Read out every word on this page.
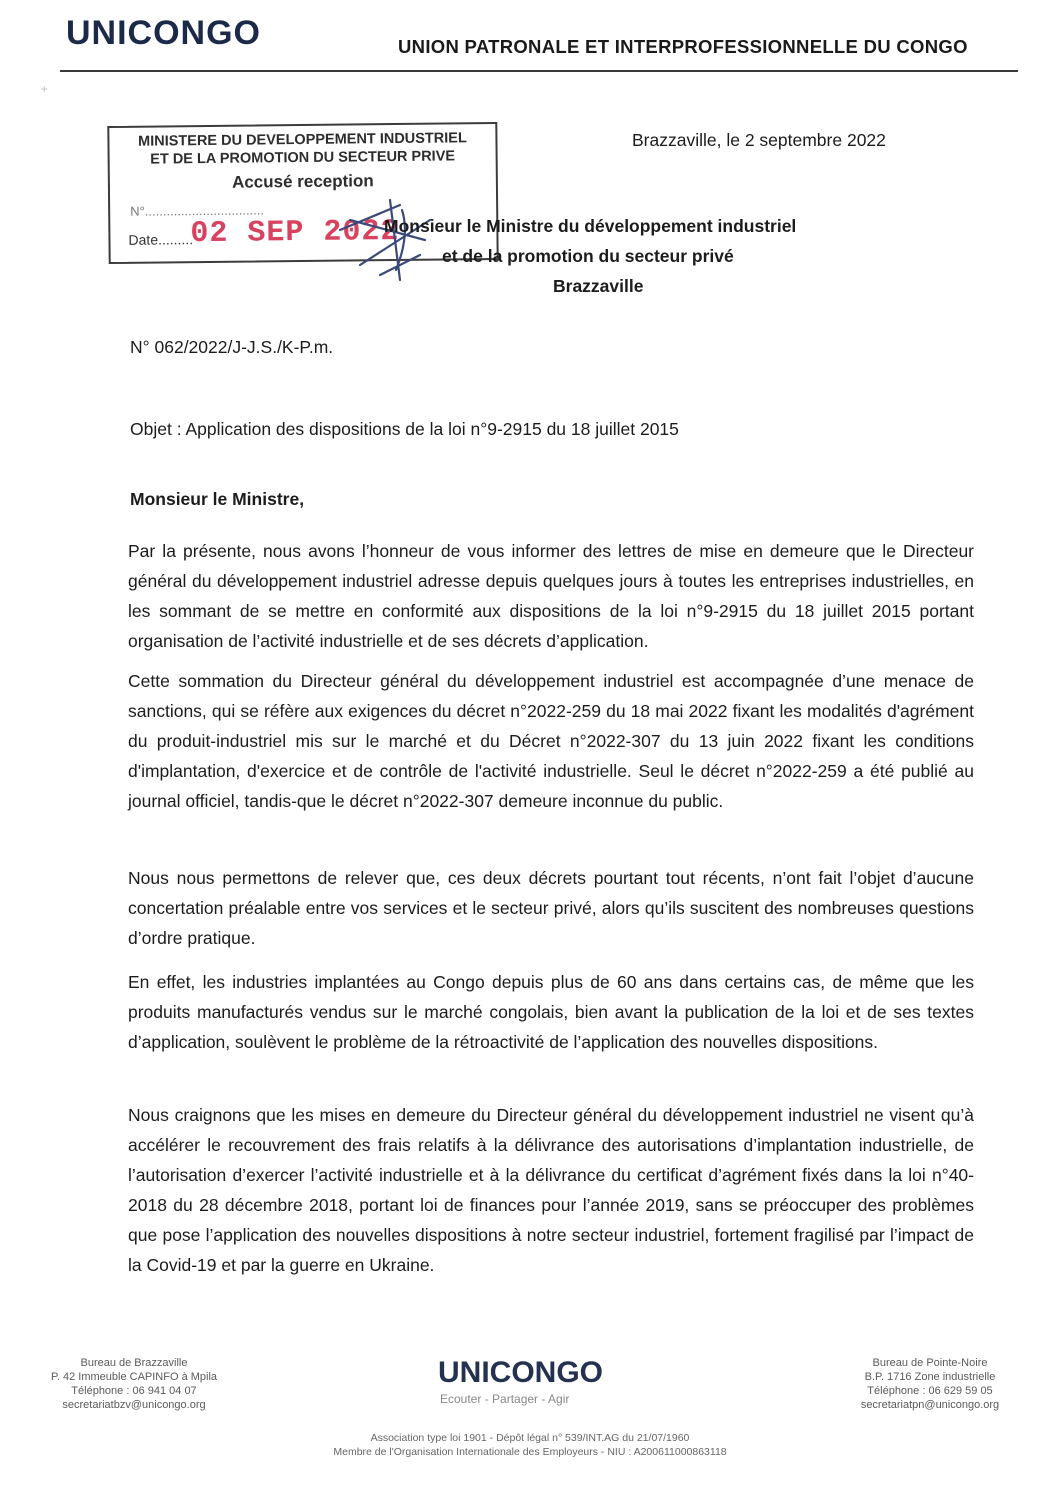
UNICONGO	UNION PATRONALE ET INTERPROFESSIONNELLE DU CONGO
⁺
MINISTERE DU DEVELOPPEMENT INDUSTRIEL
ET DE LA PROMOTION DU SECTEUR PRIVE
Accusé reception
N°.................................
Date.........
02 SEP 2022
Brazzaville, le 2 septembre 2022
Monsieur le Ministre du développement industriel
et de la promotion du secteur privé
Brazzaville
N° 062/2022/J-J.S./K-P.m.
Objet : Application des dispositions de la loi n°9-2915 du 18 juillet 2015
Monsieur le Ministre,
Par la présente, nous avons l’honneur de vous informer des lettres de mise en demeure que le Directeur général du développement industriel adresse depuis quelques jours à toutes les entreprises industrielles, en les sommant de se mettre en conformité aux dispositions de la loi n°9-2915 du 18 juillet 2015 portant organisation de l’activité industrielle et de ses décrets d’application.
Cette sommation du Directeur général du développement industriel est accompagnée d’une menace de sanctions, qui se réfère aux exigences du décret n°2022-259 du 18 mai 2022 fixant les modalités d'agrément du produit-industriel mis sur le marché et du Décret n°2022-307 du 13 juin 2022 fixant les conditions d'implantation, d'exercice et de contrôle de l'activité industrielle. Seul le décret n°2022-259 a été publié au journal officiel, tandis-que le décret n°2022-307 demeure inconnue du public.
Nous nous permettons de relever que, ces deux décrets pourtant tout récents, n’ont fait l’objet d’aucune concertation préalable entre vos services et le secteur privé, alors qu’ils suscitent des nombreuses questions d’ordre pratique.
En effet, les industries implantées au Congo depuis plus de 60 ans dans certains cas, de même que les produits manufacturés vendus sur le marché congolais, bien avant la publication de la loi et de ses textes d’application, soulèvent le problème de la rétroactivité de l’application des nouvelles dispositions.
Nous craignons que les mises en demeure du Directeur général du développement industriel ne visent qu’à accélérer le recouvrement des frais relatifs à la délivrance des autorisations d’implantation industrielle, de l’autorisation d’exercer l’activité industrielle et à la délivrance du certificat d’agrément fixés dans la loi n°40-2018 du 28 décembre 2018, portant loi de finances pour l’année 2019, sans se préoccuper des problèmes que pose l’application des nouvelles dispositions à notre secteur industriel, fortement fragilisé par l’impact de la Covid-19 et par la guerre en Ukraine.
Bureau de Brazzaville
P. 42 Immeuble CAPINFO à Mpila
Téléphone : 06 941 04 07
secretariatbzv@unicongo.org
UNICONGO
Ecouter - Partager - Agir
Bureau de Pointe-Noire
B.P. 1716 Zone industrielle
Téléphone : 06 629 59 05
secretariatpn@unicongo.org
Association type loi 1901 - Dépôt légal n° 539/INT.AG du 21/07/1960
Membre de l'Organisation Internationale des Employeurs - NIU : A200611000863118
